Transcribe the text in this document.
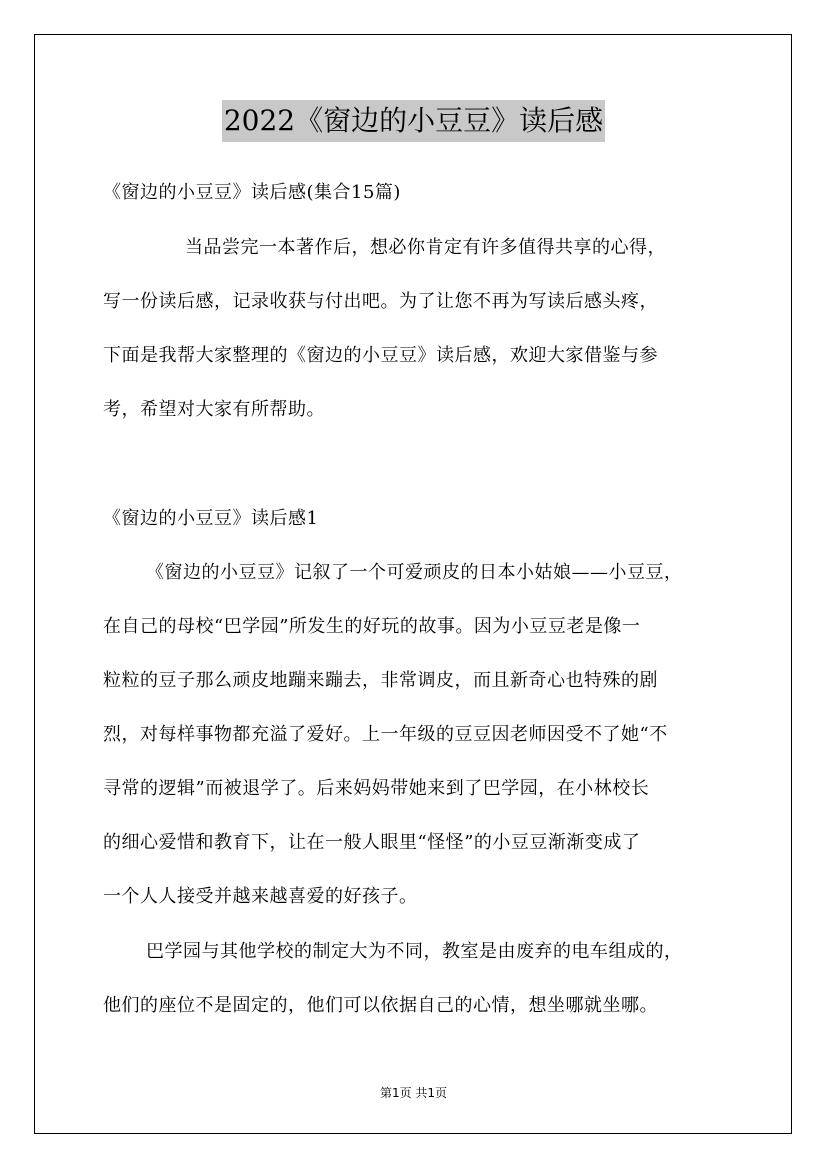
2022《窗边的小豆豆》读后感
《窗边的小豆豆》读后感(集合15篇)
当品尝完一本著作后，想必你肯定有许多值得共享的心得，
写一份读后感，记录收获与付出吧。为了让您不再为写读后感头疼，
下面是我帮大家整理的《窗边的小豆豆》读后感，欢迎大家借鉴与参
考，希望对大家有所帮助。
《窗边的小豆豆》读后感1
《窗边的小豆豆》记叙了一个可爱顽皮的日本小姑娘——小豆豆，
在自己的母校“巴学园”所发生的好玩的故事。因为小豆豆老是像一
粒粒的豆子那么顽皮地蹦来蹦去，非常调皮，而且新奇心也特殊的剧
烈，对每样事物都充溢了爱好。上一年级的豆豆因老师因受不了她“不
寻常的逻辑”而被退学了。后来妈妈带她来到了巴学园，在小林校长
的细心爱惜和教育下，让在一般人眼里“怪怪”的小豆豆渐渐变成了
一个人人接受并越来越喜爱的好孩子。
巴学园与其他学校的制定大为不同，教室是由废弃的电车组成的，
他们的座位不是固定的，他们可以依据自己的心情，想坐哪就坐哪。
第1页 共1页
